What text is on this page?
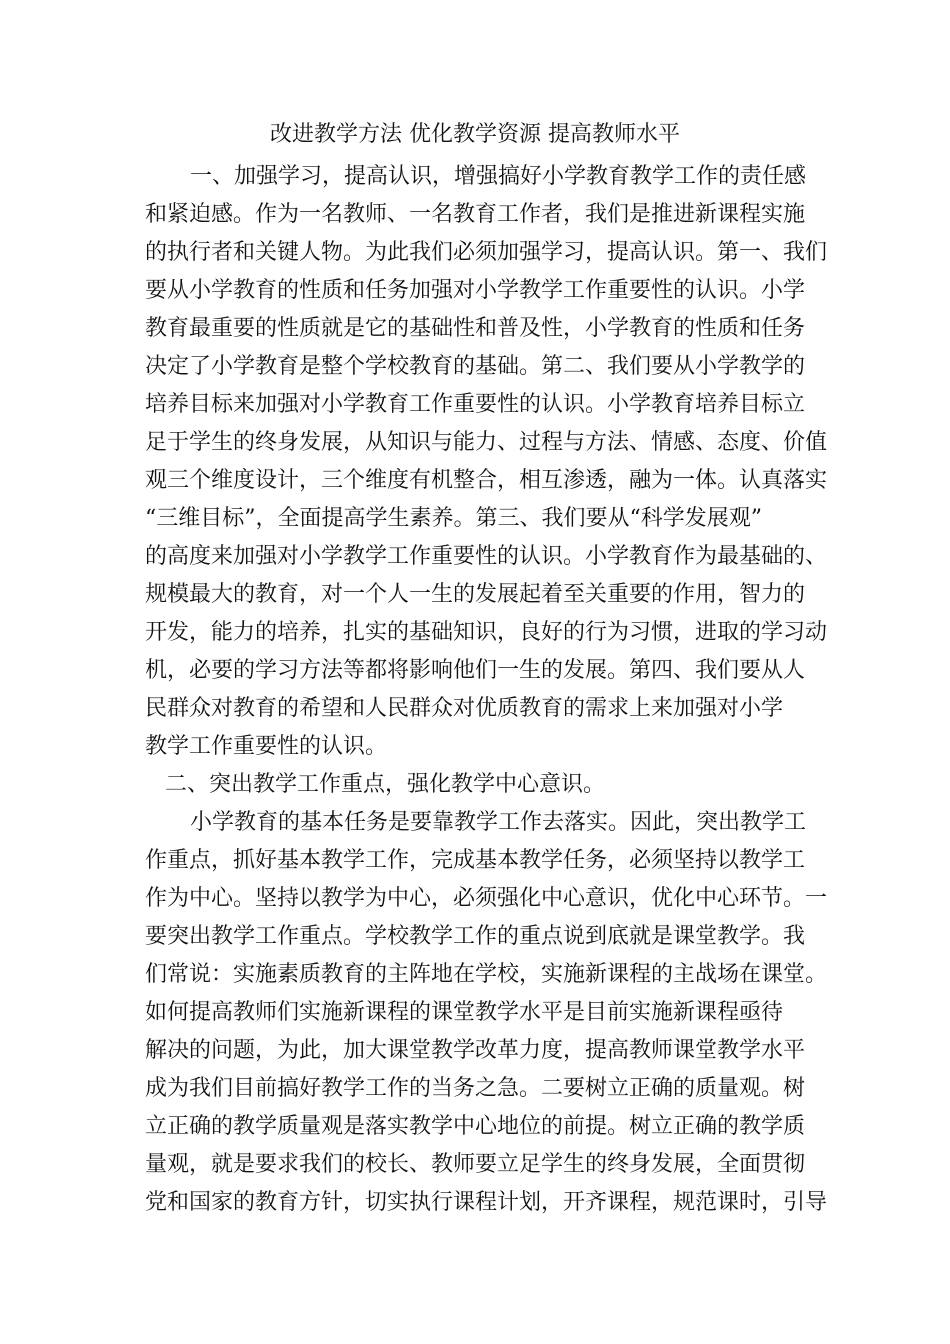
改进教学方法 优化教学资源 提高教师水平
　一、加强学习，提高认识，增强搞好小学教育教学工作的责任感
和紧迫感。作为一名教师、一名教育工作者，我们是推进新课程实施
的执行者和关键人物。为此我们必须加强学习，提高认识。第一、我们
要从小学教育的性质和任务加强对小学教学工作重要性的认识。小学
教育最重要的性质就是它的基础性和普及性，小学教育的性质和任务
决定了小学教育是整个学校教育的基础。第二、我们要从小学教学的
培养目标来加强对小学教育工作重要性的认识。小学教育培养目标立
足于学生的终身发展，从知识与能力、过程与方法、情感、态度、价值
观三个维度设计，三个维度有机整合，相互渗透，融为一体。认真落实
“三维目标”，全面提高学生素养。第三、我们要从“科学发展观”
的高度来加强对小学教学工作重要性的认识。小学教育作为最基础的、
规模最大的教育，对一个人一生的发展起着至关重要的作用，智力的
开发，能力的培养，扎实的基础知识，良好的行为习惯，进取的学习动
机，必要的学习方法等都将影响他们一生的发展。第四、我们要从人
民群众对教育的希望和人民群众对优质教育的需求上来加强对小学
教学工作重要性的认识。
二、突出教学工作重点，强化教学中心意识。
　小学教育的基本任务是要靠教学工作去落实。因此，突出教学工
作重点，抓好基本教学工作，完成基本教学任务，必须坚持以教学工
作为中心。坚持以教学为中心，必须强化中心意识，优化中心环节。一
要突出教学工作重点。学校教学工作的重点说到底就是课堂教学。我
们常说：实施素质教育的主阵地在学校，实施新课程的主战场在课堂。
如何提高教师们实施新课程的课堂教学水平是目前实施新课程亟待
解决的问题，为此，加大课堂教学改革力度，提高教师课堂教学水平
成为我们目前搞好教学工作的当务之急。二要树立正确的质量观。树
立正确的教学质量观是落实教学中心地位的前提。树立正确的教学质
量观，就是要求我们的校长、教师要立足学生的终身发展，全面贯彻
党和国家的教育方针，切实执行课程计划，开齐课程，规范课时，引导
